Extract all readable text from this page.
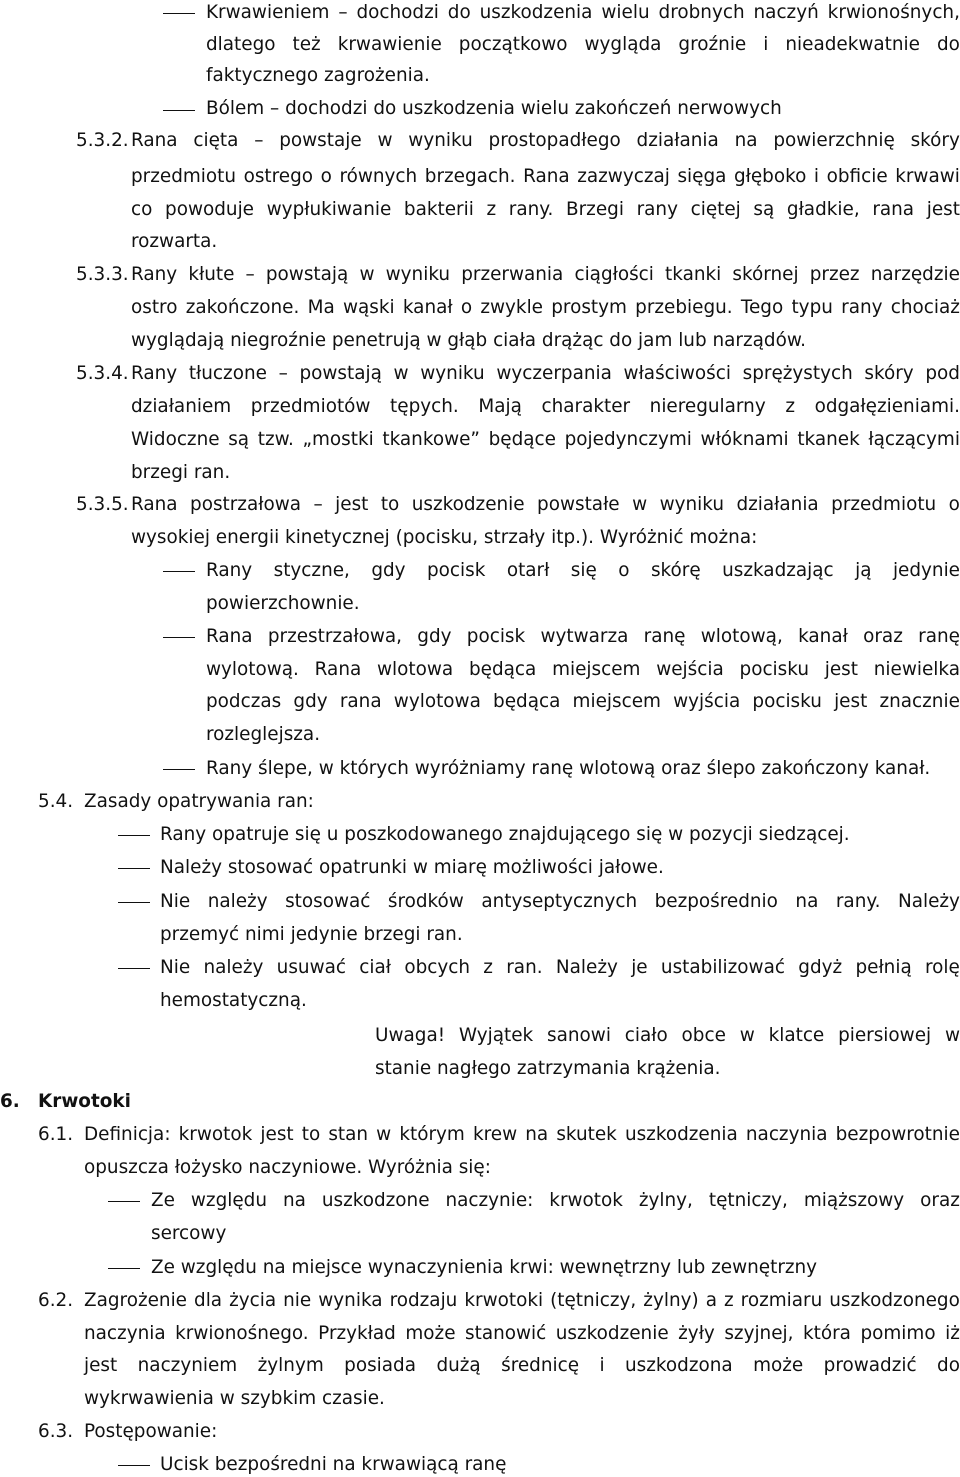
Krwawieniem – dochodzi do uszkodzenia wielu drobnych naczyń krwionośnych,
dlatego też krwawienie początkowo wygląda groźnie i nieadekwatnie do
faktycznego zagrożenia.
Bólem – dochodzi do uszkodzenia wielu zakończeń nerwowych
5.3.2. Rana cięta – powstaje w wyniku prostopadłego działania na powierzchnię skóry
przedmiotu ostrego o równych brzegach. Rana zazwyczaj sięga głęboko i obficie krwawi
co powoduje wypłukiwanie bakterii z rany. Brzegi rany ciętej są gładkie, rana jest
rozwarta.
5.3.3. Rany kłute – powstają w wyniku przerwania ciągłości tkanki skórnej przez narzędzie
ostro zakończone. Ma wąski kanał o zwykle prostym przebiegu. Tego typu rany chociaż
wyglądają niegroźnie penetrują w głąb ciała drążąc do jam lub narządów.
5.3.4. Rany tłuczone – powstają w wyniku wyczerpania właściwości sprężystych skóry pod
działaniem przedmiotów tępych. Mają charakter nieregularny z odgałęzieniami.
Widoczne są tzw. „mostki tkankowe” będące pojedynczymi włóknami tkanek łączącymi
brzegi ran.
5.3.5. Rana postrzałowa – jest to uszkodzenie powstałe w wyniku działania przedmiotu o
wysokiej energii kinetycznej (pocisku, strzały itp.). Wyróżnić można:
Rany styczne, gdy pocisk otarł się o skórę uszkadzając ją jedynie
powierzchownie.
Rana przestrzałowa, gdy pocisk wytwarza ranę wlotową, kanał oraz ranę
wylotową. Rana wlotowa będąca miejscem wejścia pocisku jest niewielka
podczas gdy rana wylotowa będąca miejscem wyjścia pocisku jest znacznie
rozleglejsza.
Rany ślepe, w których wyróżniamy ranę wlotową oraz ślepo zakończony kanał.
5.4. Zasady opatrywania ran:
Rany opatruje się u poszkodowanego znajdującego się w pozycji siedzącej.
Należy stosować opatrunki w miarę możliwości jałowe.
Nie należy stosować środków antyseptycznych bezpośrednio na rany. Należy
przemyć nimi jedynie brzegi ran.
Nie należy usuwać ciał obcych z ran. Należy je ustabilizować gdyż pełnią rolę
hemostatyczną.
Uwaga! Wyjątek sanowi ciało obce w klatce piersiowej w
stanie nagłego zatrzymania krążenia.
6. Krwotoki
6.1. Definicja: krwotok jest to stan w którym krew na skutek uszkodzenia naczynia bezpowrotnie
opuszcza łożysko naczyniowe. Wyróżnia się:
Ze względu na uszkodzone naczynie: krwotok żylny, tętniczy, miąższowy oraz
sercowy
Ze względu na miejsce wynaczynienia krwi: wewnętrzny lub zewnętrzny
6.2. Zagrożenie dla życia nie wynika rodzaju krwotoki (tętniczy, żylny) a z rozmiaru uszkodzonego
naczynia krwionośnego. Przykład może stanowić uszkodzenie żyły szyjnej, która pomimo iż
jest naczyniem żylnym posiada dużą średnicę i uszkodzona może prowadzić do
wykrwawienia w szybkim czasie.
6.3. Postępowanie:
Ucisk bezpośredni na krwawiącą ranę
